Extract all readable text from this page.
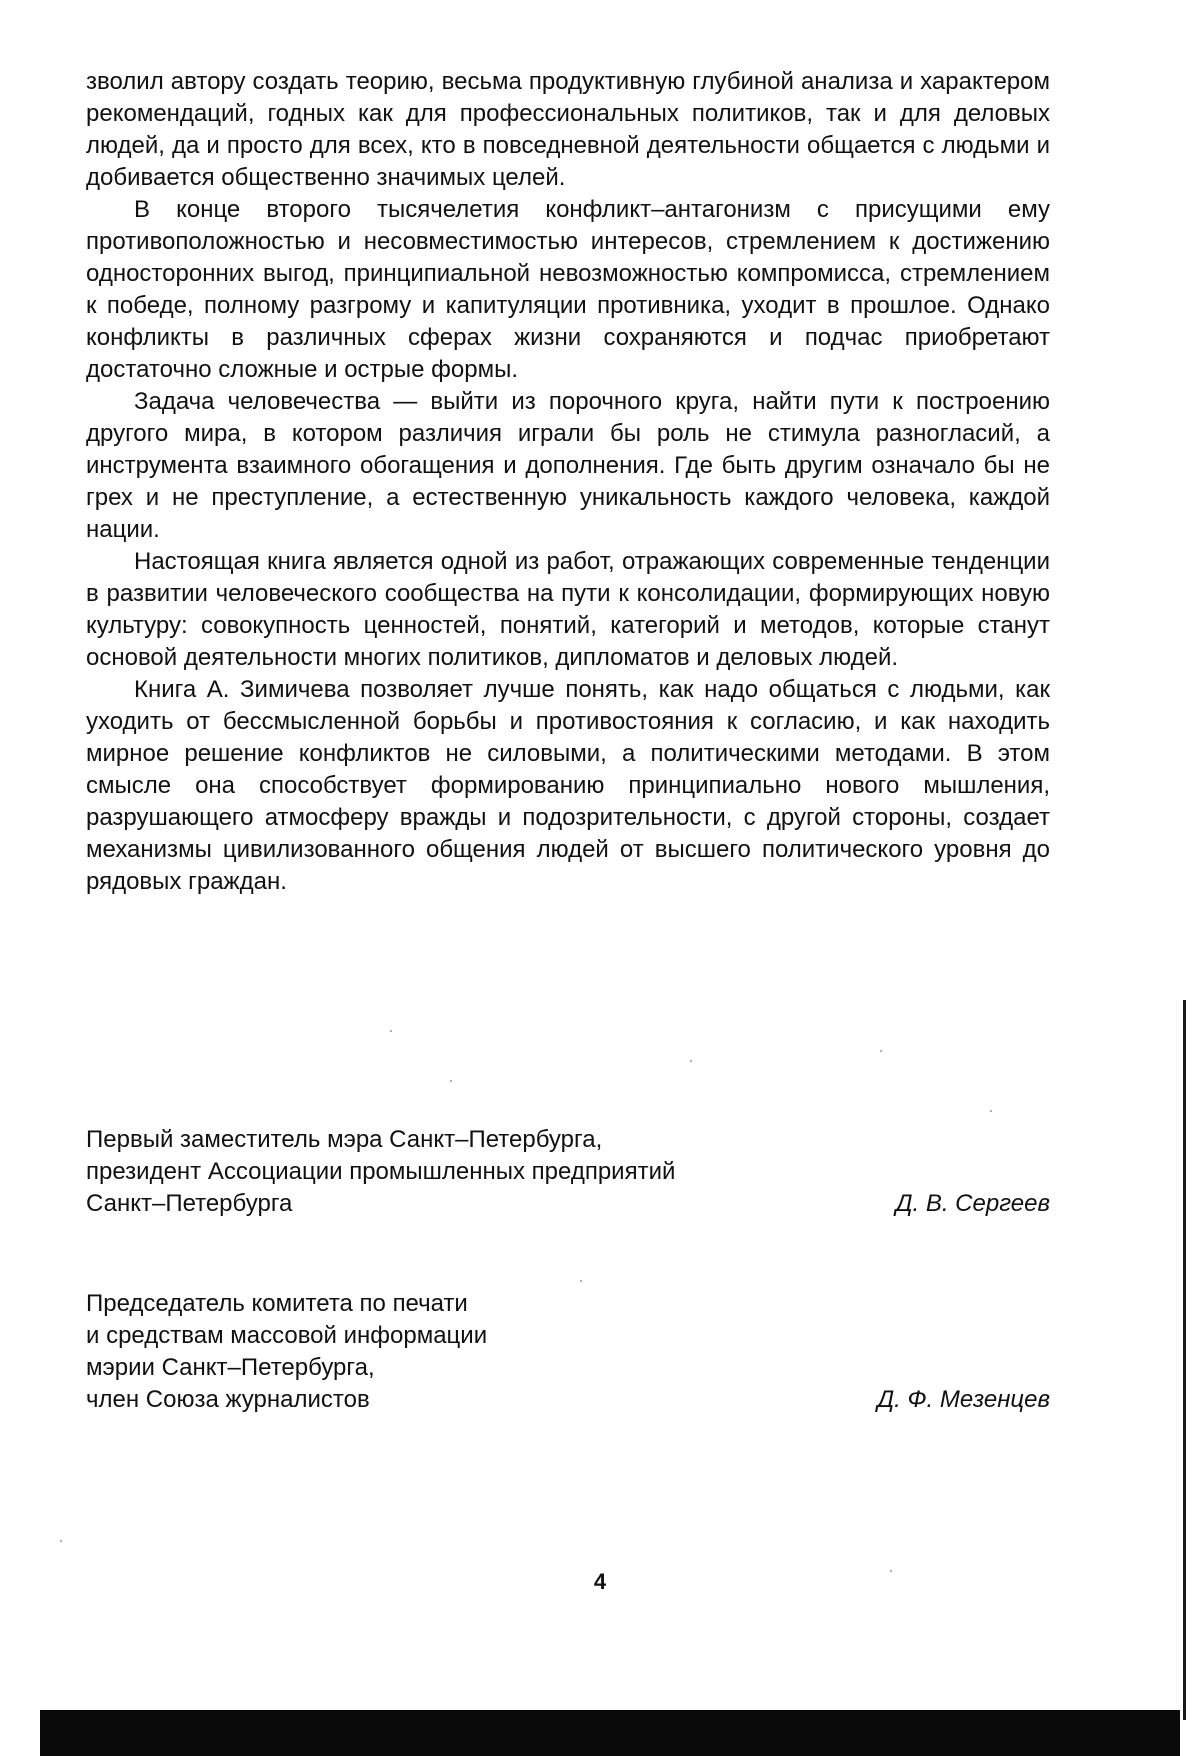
зволил автору создать теорию, весьма продуктивную глубиной анализа и характером рекомендаций, годных как для профессиональных политиков, так и для деловых людей, да и просто для всех, кто в повседневной деятельности общается с людьми и добивается общественно значимых целей.

В конце второго тысячелетия конфликт–антагонизм с присущими ему противоположностью и несовместимостью интересов, стремлением к достижению односторонних выгод, принципиальной невозможностью компромисса, стремлением к победе, полному разгрому и капитуляции противника, уходит в прошлое. Однако конфликты в различных сферах жизни сохраняются и подчас приобретают достаточно сложные и острые формы.

Задача человечества — выйти из порочного круга, найти пути к построению другого мира, в котором различия играли бы роль не стимула разногласий, а инструмента взаимного обогащения и дополнения. Где быть другим означало бы не грех и не преступление, а естественную уникальность каждого человека, каждой нации.

Настоящая книга является одной из работ, отражающих современные тенденции в развитии человеческого сообщества на пути к консолидации, формирующих новую культуру: совокупность ценностей, понятий, категорий и методов, которые станут основой деятельности многих политиков, дипломатов и деловых людей.

Книга А. Зимичева позволяет лучше понять, как надо общаться с людьми, как уходить от бессмысленной борьбы и противостояния к согласию, и как находить мирное решение конфликтов не силовыми, а политическими методами. В этом смысле она способствует формированию принципиально нового мышления, разрушающего атмосферу вражды и подозрительности, с другой стороны, создает механизмы цивилизованного общения людей от высшего политического уровня до рядовых граждан.

Первый заместитель мэра Санкт–Петербурга,
президент Ассоциации промышленных предприятий
Санкт–Петербурга	Д. В. Сергеев

Председатель комитета по печати
и средствам массовой информации
мэрии Санкт–Петербурга,
член Союза журналистов	Д. Ф. Мезенцев

4
